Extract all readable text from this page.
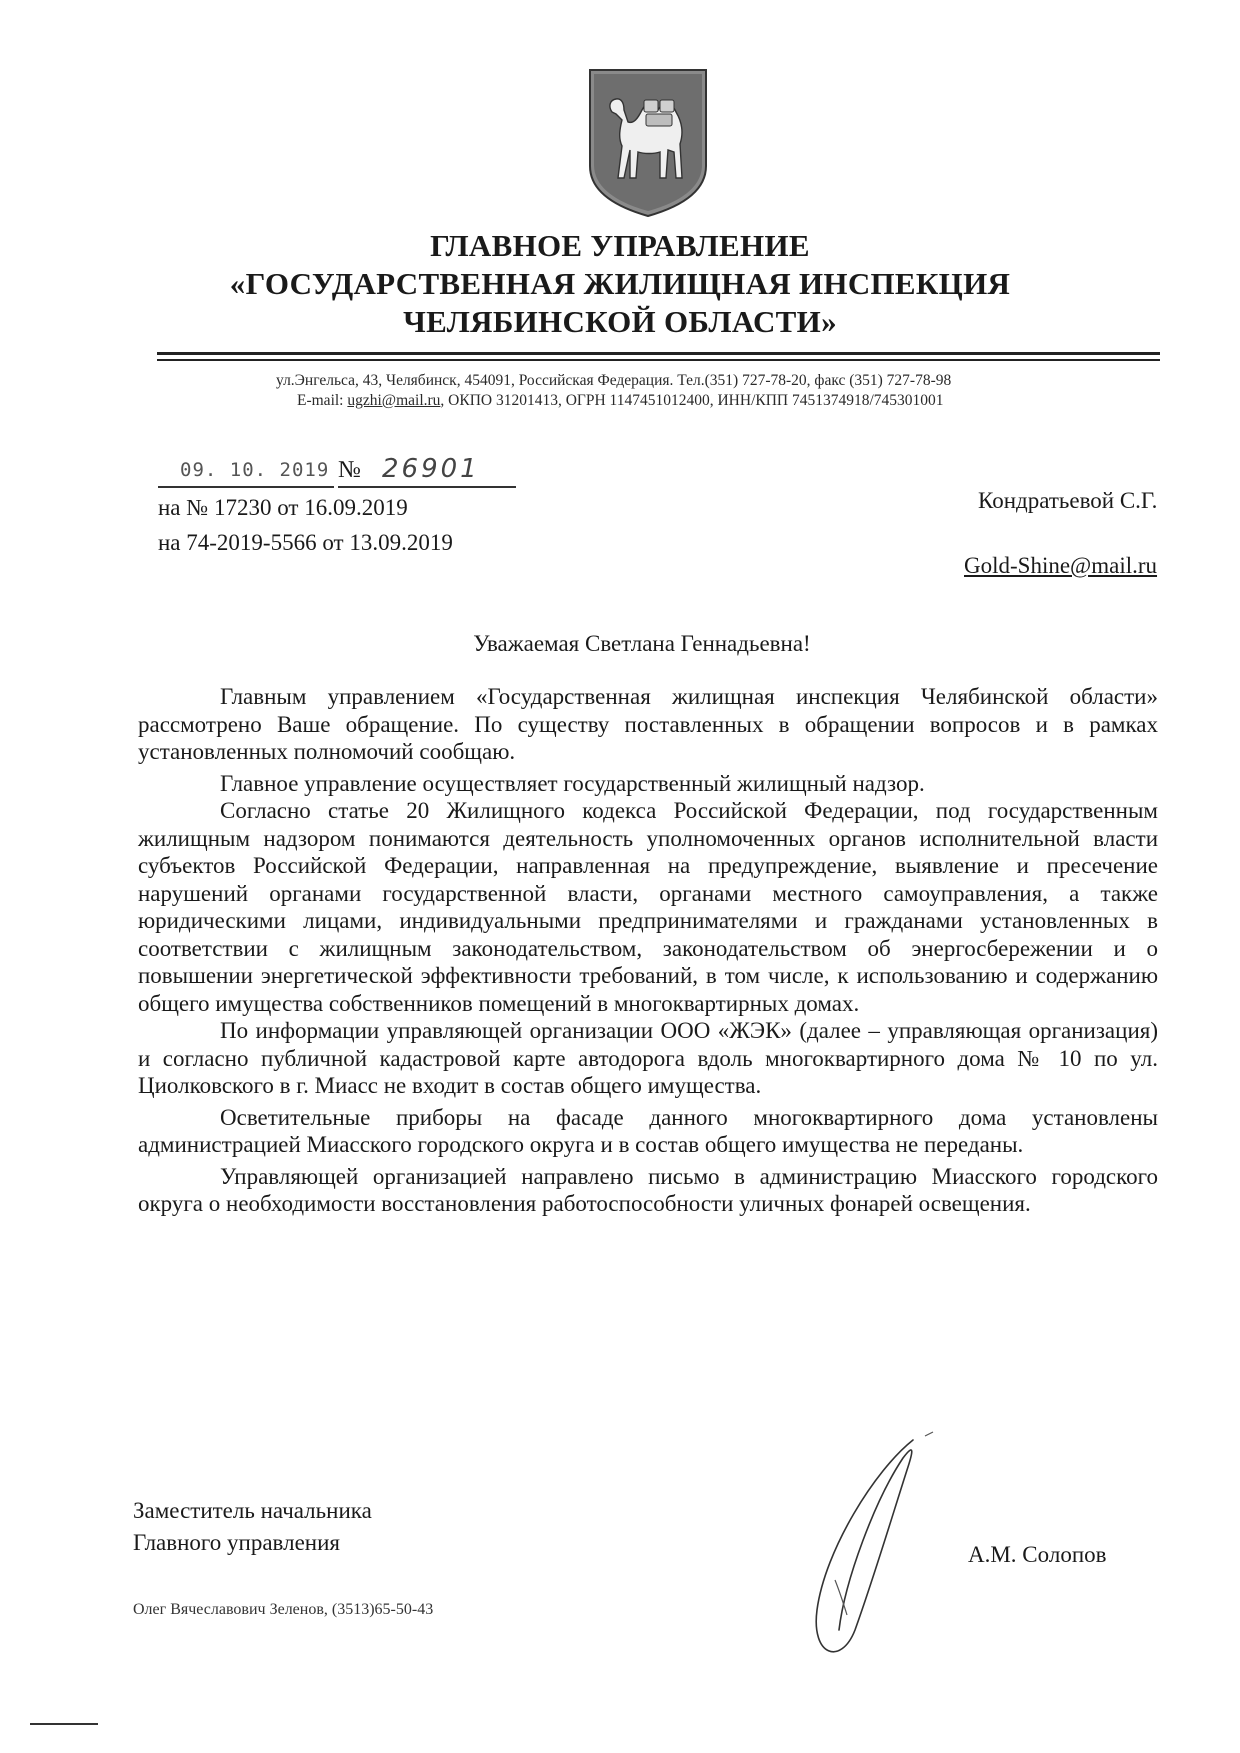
ГЛАВНОЕ УПРАВЛЕНИЕ
«ГОСУДАРСТВЕННАЯ ЖИЛИЩНАЯ ИНСПЕКЦИЯ
ЧЕЛЯБИНСКОЙ ОБЛАСТИ»
ул.Энгельса, 43, Челябинск, 454091, Российская Федерация. Тел.(351) 727-78-20, факс (351) 727-78-98
E-mail: ugzhi@mail.ru, ОКПО 31201413, ОГРН 1147451012400, ИНН/КПП 7451374918/745301001
09. 10. 2019 № 26901
на № 17230 от 16.09.2019
на 74-2019-5566 от 13.09.2019
Кондратьевой С.Г.
Gold-Shine@mail.ru
Уважаемая Светлана Геннадьевна!

Главным управлением «Государственная жилищная инспекция Челябинской области» рассмотрено Ваше обращение. По существу поставленных в обращении вопросов и в рамках установленных полномочий сообщаю.

Главное управление осуществляет государственный жилищный надзор.

Согласно статье 20 Жилищного кодекса Российской Федерации, под государственным жилищным надзором понимаются деятельность уполномоченных органов исполнительной власти субъектов Российской Федерации, направленная на предупреждение, выявление и пресечение нарушений органами государственной власти, органами местного самоуправления, а также юридическими лицами, индивидуальными предпринимателями и гражданами установленных в соответствии с жилищным законодательством, законодательством об энергосбережении и о повышении энергетической эффективности требований, в том числе, к использованию и содержанию общего имущества собственников помещений в многоквартирных домах.

По информации управляющей организации ООО «ЖЭК» (далее – управляющая организация) и согласно публичной кадастровой карте автодорога вдоль многоквартирного дома № 10 по ул. Циолковского в г. Миасс не входит в состав общего имущества.

Осветительные приборы на фасаде данного многоквартирного дома установлены администрацией Миасского городского округа и в состав общего имущества не переданы.

Управляющей организацией направлено письмо в администрацию Миасского городского округа о необходимости восстановления работоспособности уличных фонарей освещения.

Заместитель начальника
Главного управления	А.М. Солопов
Олег Вячеславович Зеленов, (3513)65-50-43
